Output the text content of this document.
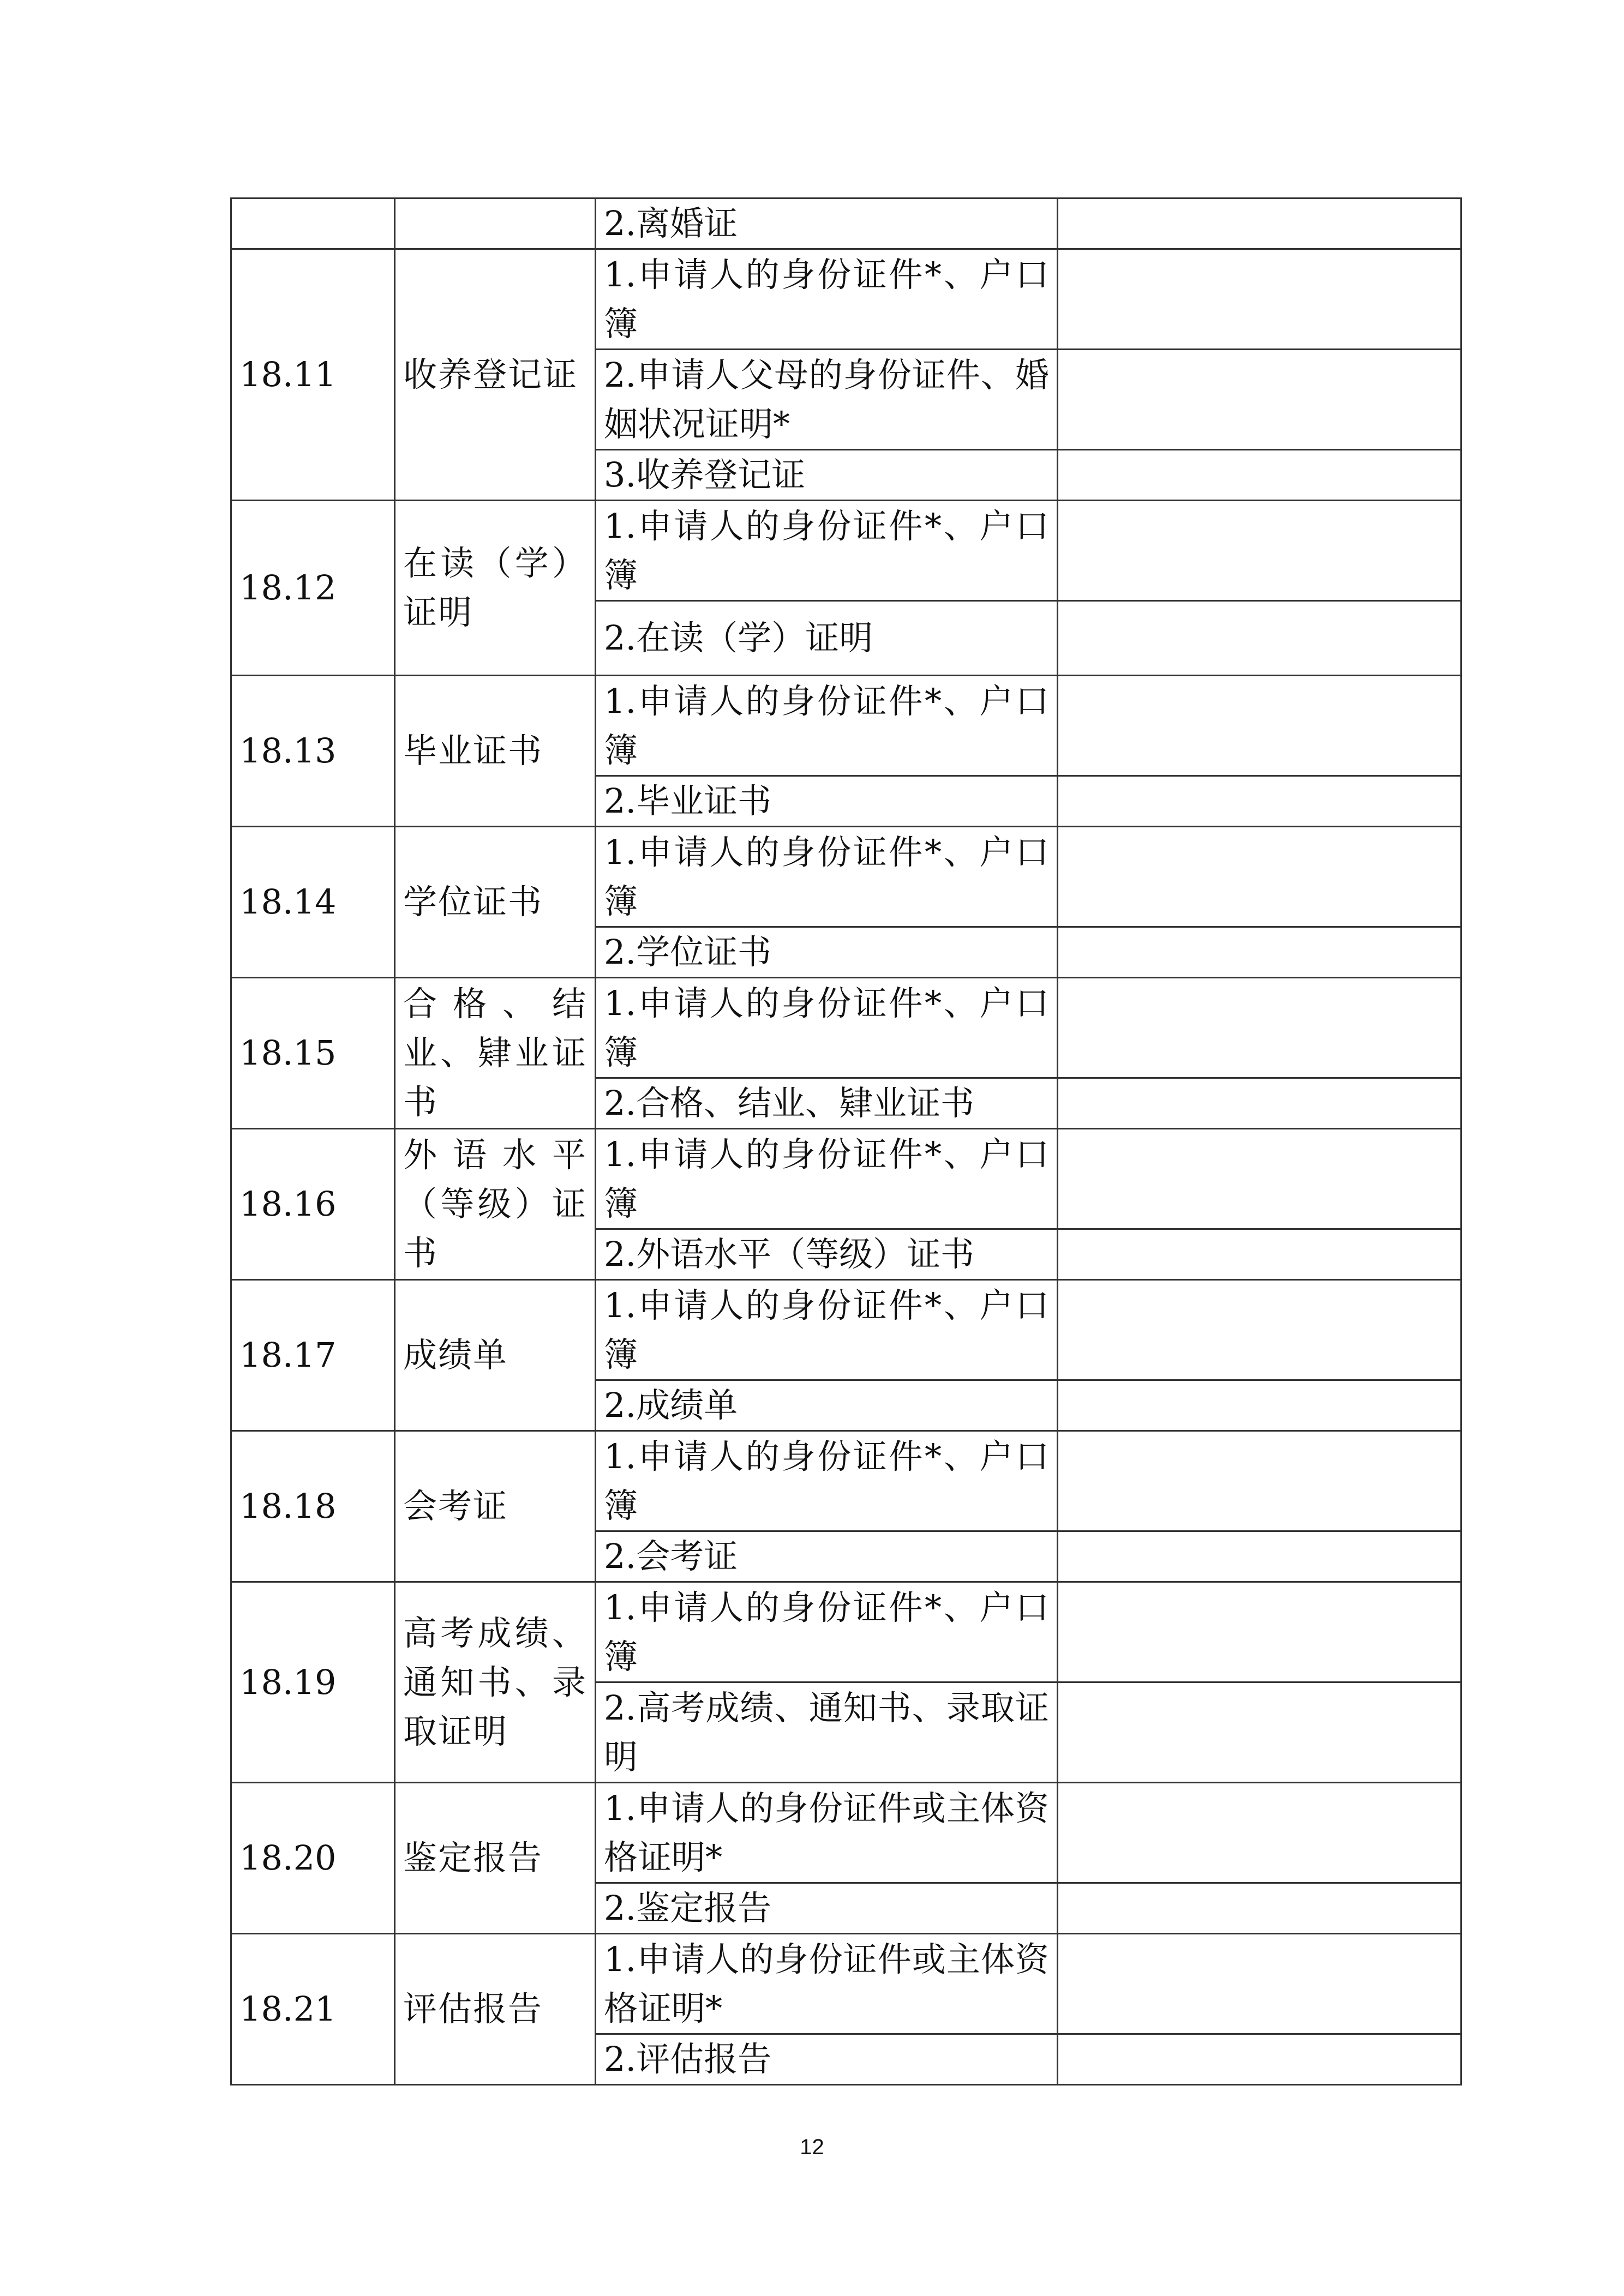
		2.离婚证	
18.11	收养登记证	1.申请人的身份证件*、户口簿	
		2.申请人父母的身份证件、婚姻状况证明*	
		3.收养登记证	
18.12	在读（学）证明	1.申请人的身份证件*、户口簿	
		2.在读（学）证明	
18.13	毕业证书	1.申请人的身份证件*、户口簿	
		2.毕业证书	
18.14	学位证书	1.申请人的身份证件*、户口簿	
		2.学位证书	
18.15	合格、结业、肄业证书	1.申请人的身份证件*、户口簿	
		2.合格、结业、肄业证书	
18.16	外语水平（等级）证书	1.申请人的身份证件*、户口簿	
		2.外语水平（等级）证书	
18.17	成绩单	1.申请人的身份证件*、户口簿	
		2.成绩单	
18.18	会考证	1.申请人的身份证件*、户口簿	
		2.会考证	
18.19	高考成绩、通知书、录取证明	1.申请人的身份证件*、户口簿	
		2.高考成绩、通知书、录取证明	
18.20	鉴定报告	1.申请人的身份证件或主体资格证明*	
		2.鉴定报告	
18.21	评估报告	1.申请人的身份证件或主体资格证明*	
		2.评估报告	
12
